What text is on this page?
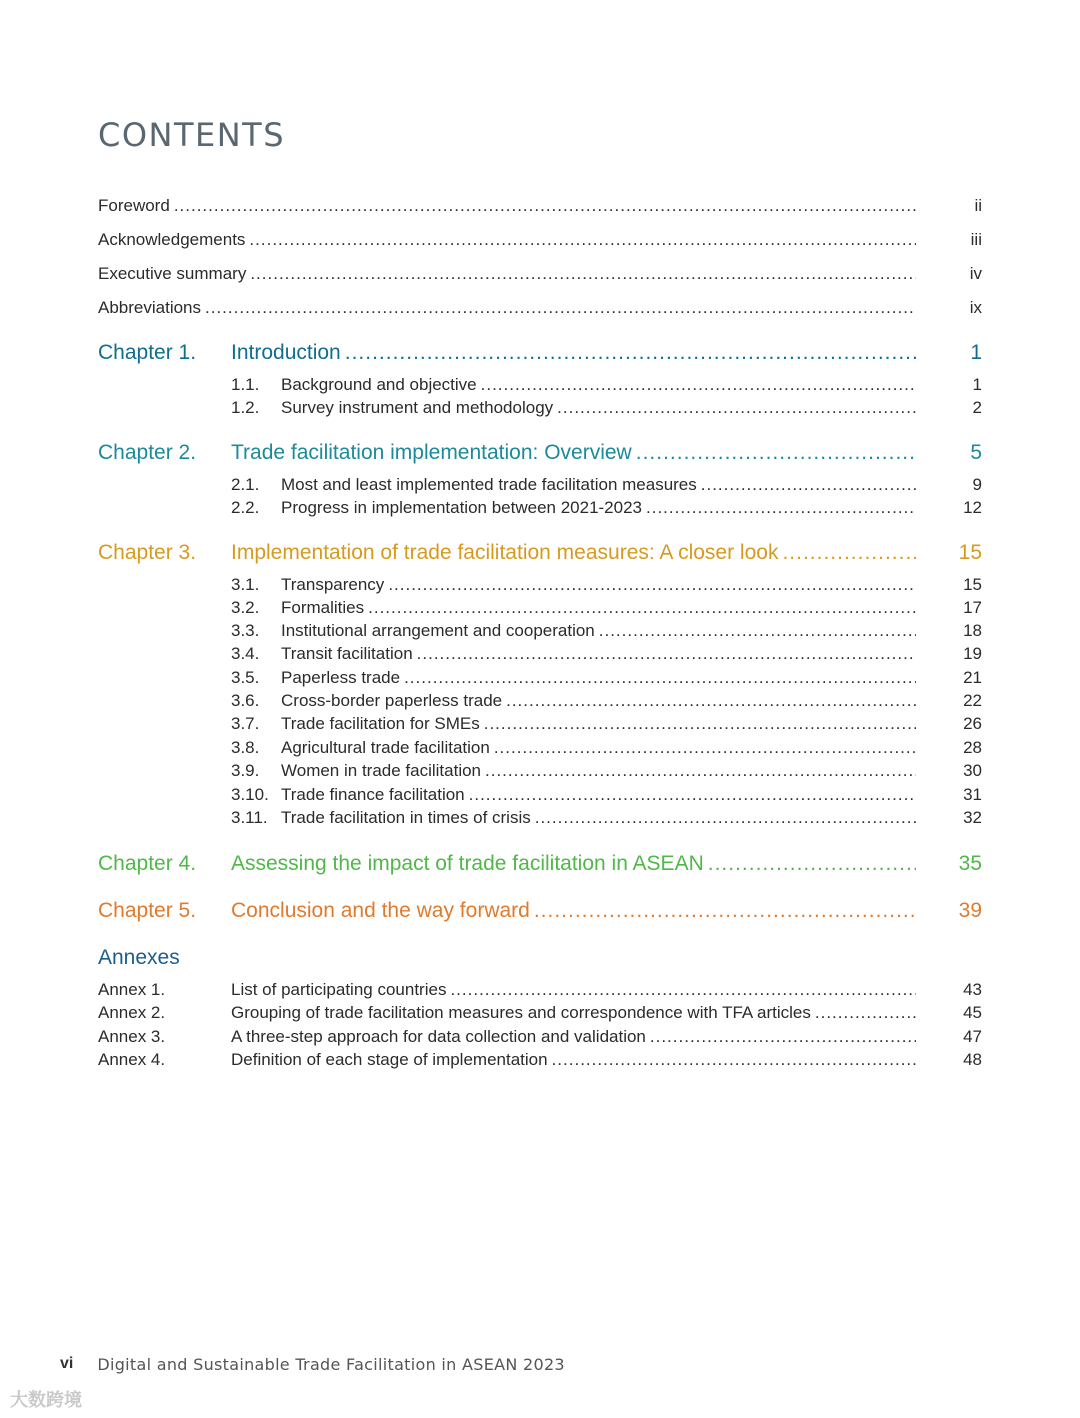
CONTENTS
Foreword .....	ii
Acknowledgements .....	iii
Executive summary .....	iv
Abbreviations .....	ix
Chapter 1. Introduction .....	1
1.1. Background and objective .....	1
1.2. Survey instrument and methodology .....	2
Chapter 2. Trade facilitation implementation: Overview .....	5
2.1. Most and least implemented trade facilitation measures .....	9
2.2. Progress in implementation between 2021-2023 .....	12
Chapter 3. Implementation of trade facilitation measures: A closer look .....	15
3.1. Transparency .....	15
3.2. Formalities .....	17
3.3. Institutional arrangement and cooperation .....	18
3.4. Transit facilitation .....	19
3.5. Paperless trade .....	21
3.6. Cross-border paperless trade .....	22
3.7. Trade facilitation for SMEs .....	26
3.8. Agricultural trade facilitation .....	28
3.9. Women in trade facilitation .....	30
3.10. Trade finance facilitation .....	31
3.11. Trade facilitation in times of crisis .....	32
Chapter 4. Assessing the impact of trade facilitation in ASEAN .....	35
Chapter 5. Conclusion and the way forward .....	39
Annexes
Annex 1.	List of participating countries .....	43
Annex 2.	Grouping of trade facilitation measures and correspondence with TFA articles .....	45
Annex 3.	A three-step approach for data collection and validation .....	47
Annex 4.	Definition of each stage of implementation .....	48
vi Digital and Sustainable Trade Facilitation in ASEAN 2023
大数跨境
